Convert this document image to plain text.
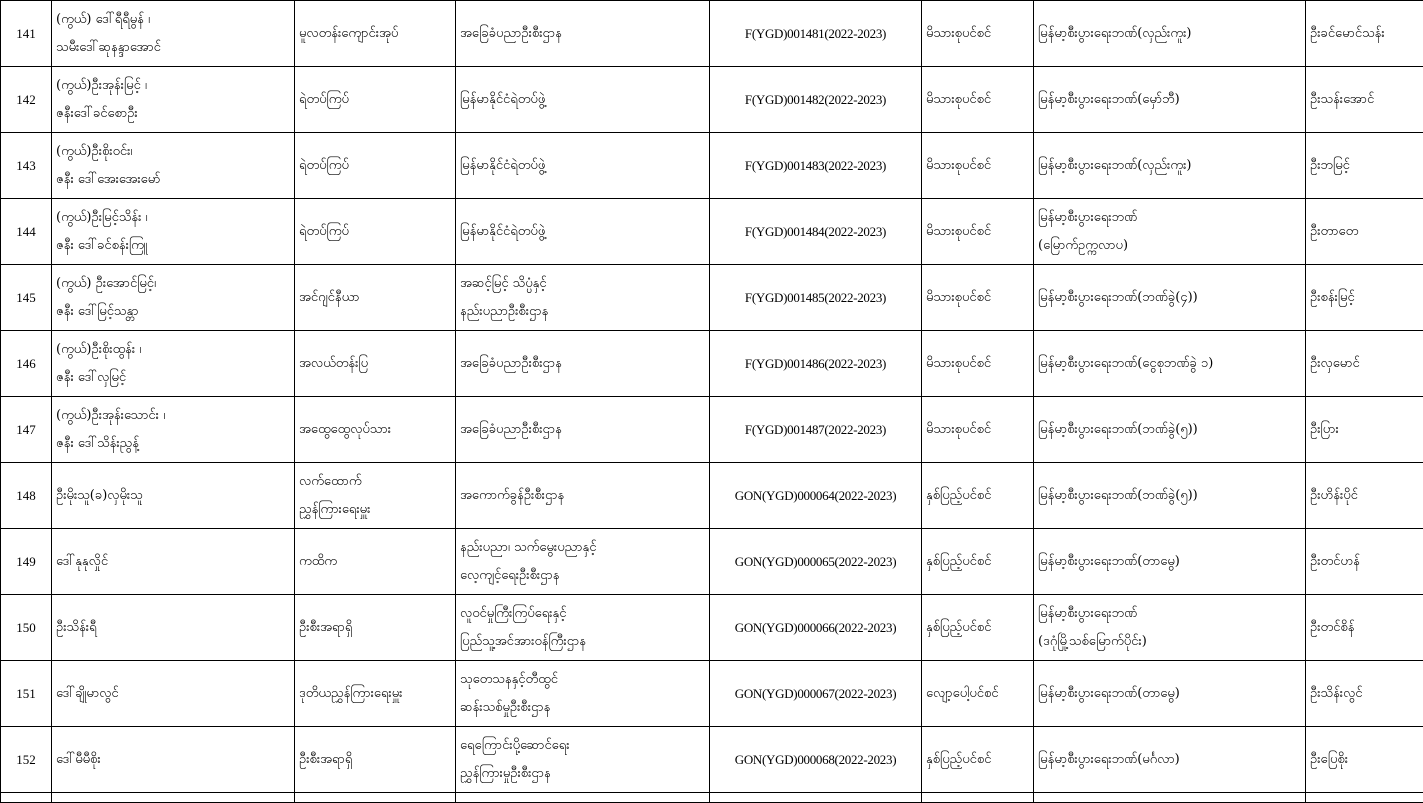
141	(ကွယ်) ဒေါ်ရီရီမွန် ၊
သမီးဒေါ်ဆုနန္ဒာအောင်	မူလတန်းကျောင်းအုပ်	အခြေခံပညာဦးစီးဌာန	F(YGD)001481(2022-2023)	မိသားစုပင်စင်	မြန်မာ့စီးပွားရေးဘဏ်(လှည်းကူး)	ဦးခင်မောင်သန်း

142	(ကွယ်)ဦးအုန်းမြင့် ၊
ဇနီးဒေါ်ခင်စောဦး	ရဲတပ်ကြပ်	မြန်မာနိုင်ငံရဲတပ်ဖွဲ့	F(YGD)001482(2022-2023)	မိသားစုပင်စင်	မြန်မာ့စီးပွားရေးဘဏ်(မှော်ဘီ)	ဦးသန်းအောင်

143	(ကွယ်)ဦးစိုးဝင်း၊
ဇနီး ဒေါ်အေးအေးမော်	ရဲတပ်ကြပ်	မြန်မာနိုင်ငံရဲတပ်ဖွဲ့	F(YGD)001483(2022-2023)	မိသားစုပင်စင်	မြန်မာ့စီးပွားရေးဘဏ်(လှည်းကူး)	ဦးဘမြင့်

144	(ကွယ်)ဦးမြင့်သိန်း ၊
ဇနီး ဒေါ်ခင်စန်းကြူ	ရဲတပ်ကြပ်	မြန်မာနိုင်ငံရဲတပ်ဖွဲ့	F(YGD)001484(2022-2023)	မိသားစုပင်စင်	မြန်မာ့စီးပွားရေးဘဏ်
(မြောက်ဥက္ကလာပ)	ဦးတာတေ

145	(ကွယ်) ဦးအောင်မြင့်၊
ဇနီး ဒေါ်မြင့်သန္တာ	အင်ဂျင်နီယာ	အဆင့်မြင့် သိပ္ပံနှင့်
နည်းပညာဦးစီးဌာန	F(YGD)001485(2022-2023)	မိသားစုပင်စင်	မြန်မာ့စီးပွားရေးဘဏ်(ဘဏ်ခွဲ(၄))	ဦးစန်းမြင့်

146	(ကွယ်)ဦးစိုးထွန်း ၊
ဇနီး ဒေါ်လှမြင့်	အလယ်တန်းပြ	အခြေခံပညာဦးစီးဌာန	F(YGD)001486(2022-2023)	မိသားစုပင်စင်	မြန်မာ့စီးပွားရေးဘဏ်(ငွေစုဘဏ်ခွဲ ၁)	ဦးလှမောင်

147	(ကွယ်)ဦးအုန်းသောင်း ၊
ဇနီး ဒေါ်သိန်းညွန့်	အထွေထွေလုပ်သား	အခြေခံပညာဦးစီးဌာန	F(YGD)001487(2022-2023)	မိသားစုပင်စင်	မြန်မာ့စီးပွားရေးဘဏ်(ဘဏ်ခွဲ(၅))	ဦးပြား

148	ဦးမိုးသူ(ခ)လှမိုးသူ	လက်ထောက်
ညွှန်ကြားရေးမှူး	အကောက်ခွန်ဦးစီးဌာန	GON(YGD)000064(2022-2023)	နှစ်ပြည့်ပင်စင်	မြန်မာ့စီးပွားရေးဘဏ်(ဘဏ်ခွဲ(၅))	ဦးဟိန်းပိုင်

149	ဒေါ်နုနုလှိုင်	ကထိက	နည်းပညာ၊ သက်မွေးပညာနှင့်
လေ့ကျင့်ရေးဦးစီးဌာန	GON(YGD)000065(2022-2023)	နှစ်ပြည့်ပင်စင်	မြန်မာ့စီးပွားရေးဘဏ်(တာမွေ)	ဦးတင်ဟန်

150	ဦးသိန်းရီ	ဦးစီးအရာရှိ	လူဝင်မှုကြီးကြပ်ရေးနှင့်
ပြည်သူ့အင်အားဝန်ကြီးဌာန	GON(YGD)000066(2022-2023)	နှစ်ပြည့်ပင်စင်	မြန်မာ့စီးပွားရေးဘဏ်
(ဒဂုံမြို့သစ်မြောက်ပိုင်း)	ဦးတင်စိန်

151	ဒေါ်ချိုမာလွင်	ဒုတိယညွှန်ကြားရေးမှူး	သုတေသနနှင့်တီထွင်
ဆန်းသစ်မှုဦးစီးဌာန	GON(YGD)000067(2022-2023)	လျော့ပေါ့ပင်စင်	မြန်မာ့စီးပွားရေးဘဏ်(တာမွေ)	ဦးသိန်းလွင်

152	ဒေါ်မီမီစိုး	ဦးစီးအရာရှိ	ရေကြောင်းပို့ဆောင်ရေး
ညွှန်ကြားမှုဦးစီးဌာန	GON(YGD)000068(2022-2023)	နှစ်ပြည့်ပင်စင်	မြန်မာ့စီးပွားရေးဘဏ်(မင်္ဂလာ)	ဦးပြေစိုး
